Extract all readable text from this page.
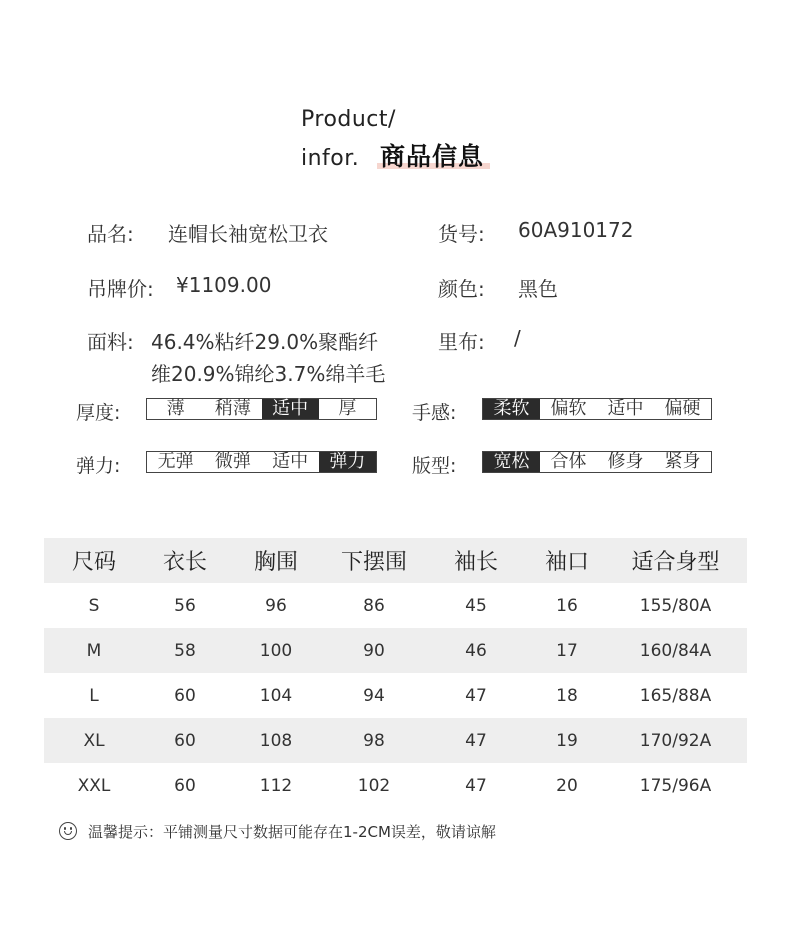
Product/
infor. 商品信息
品名: 连帽长袖宽松卫衣	货号: 60A910172
吊牌价: ¥1109.00	颜色: 黑色
面料: 46.4%粘纤29.0%聚酯纤
维20.9%锦纶3.7%绵羊毛
里布: /
厚度:	薄	稍薄	适中	厚	手感:	柔软	偏软	适中	偏硬
弹力:	无弹	微弹	适中	弹力	版型:	宽松	合体	修身	紧身
尺码	衣长	胸围	下摆围	袖长	袖口	适合身型
S	56	96	86	45	16	155/80A
M	58	100	90	46	17	160/84A
L	60	104	94	47	18	165/88A
XL	60	108	98	47	19	170/92A
XXL	60	112	102	47	20	175/96A
温馨提示：平铺测量尺寸数据可能存在1-2CM误差，敬请谅解
